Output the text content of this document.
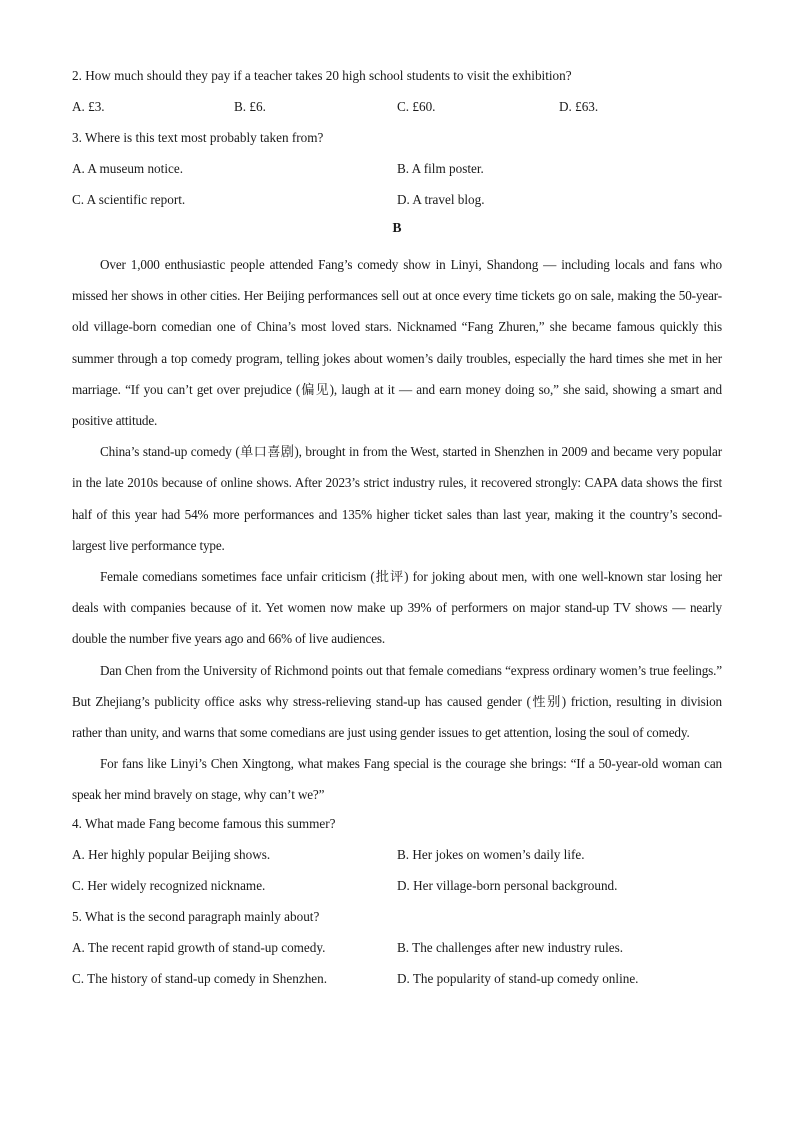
2. How much should they pay if a teacher takes 20 high school students to visit the exhibition?
A. £3.	B. £6.	C. £60.	D. £63.
3. Where is this text most probably taken from?
A. A museum notice.	B. A film poster.
C. A scientific report.	D. A travel blog.
B

Over 1,000 enthusiastic people attended Fang’s comedy show in Linyi, Shandong — including locals and fans who missed her shows in other cities. Her Beijing performances sell out at once every time tickets go on sale, making the 50-year-old village-born comedian one of China’s most loved stars. Nicknamed “Fang Zhuren,” she became famous quickly this summer through a top comedy program, telling jokes about women’s daily troubles, especially the hard times she met in her marriage. “If you can’t get over prejudice (偏见), laugh at it — and earn money doing so,” she said, showing a smart and positive attitude.

China’s stand-up comedy (单口喜剧), brought in from the West, started in Shenzhen in 2009 and became very popular in the late 2010s because of online shows. After 2023’s strict industry rules, it recovered strongly: CAPA data shows the first half of this year had 54% more performances and 135% higher ticket sales than last year, making it the country’s second-largest live performance type.

Female comedians sometimes face unfair criticism (批评) for joking about men, with one well-known star losing her deals with companies because of it. Yet women now make up 39% of performers on major stand-up TV shows — nearly double the number five years ago and 66% of live audiences.

Dan Chen from the University of Richmond points out that female comedians “express ordinary women’s true feelings.” But Zhejiang’s publicity office asks why stress-relieving stand-up has caused gender (性别) friction, resulting in division rather than unity, and warns that some comedians are just using gender issues to get attention, losing the soul of comedy.

For fans like Linyi’s Chen Xingtong, what makes Fang special is the courage she brings: “If a 50-year-old woman can speak her mind bravely on stage, why can’t we?”

4. What made Fang become famous this summer?
A. Her highly popular Beijing shows.	B. Her jokes on women’s daily life.
C. Her widely recognized nickname.	D. Her village-born personal background.
5. What is the second paragraph mainly about?
A. The recent rapid growth of stand-up comedy.	B. The challenges after new industry rules.
C. The history of stand-up comedy in Shenzhen.	D. The popularity of stand-up comedy online.
